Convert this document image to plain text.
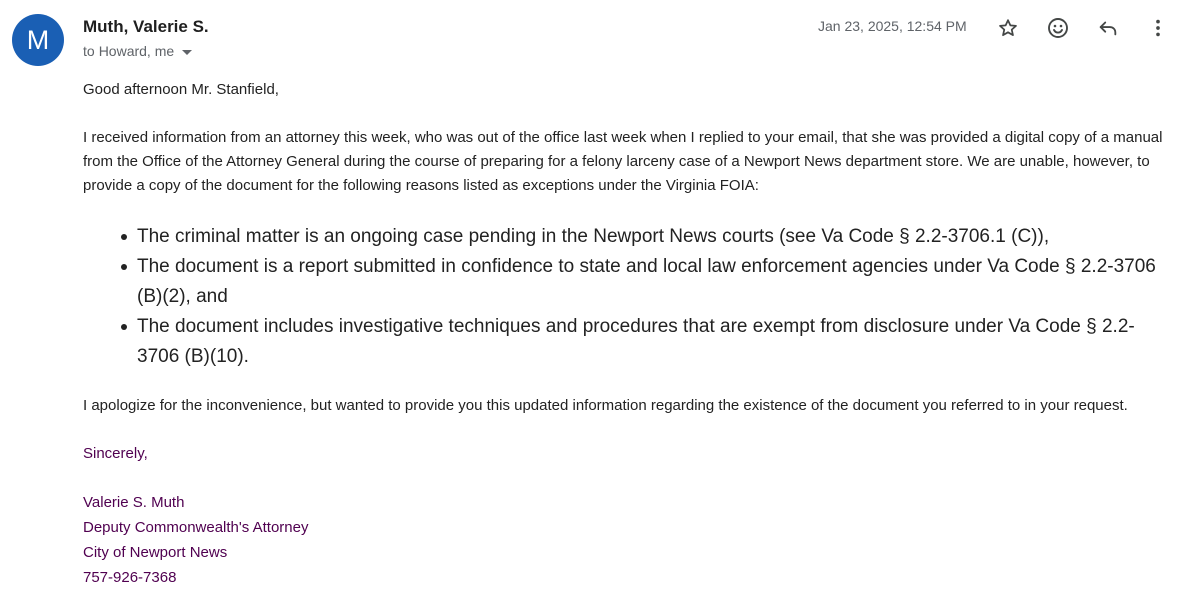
M Muth, Valerie S.
to Howard, me
Jan 23, 2025, 12:54 PM

Good afternoon Mr. Stanfield,

I received information from an attorney this week, who was out of the office last week when I replied to your email, that she was provided a digital copy of a manual from the Office of the Attorney General during the course of preparing for a felony larceny case of a Newport News department store. We are unable, however, to provide a copy of the document for the following reasons listed as exceptions under the Virginia FOIA:

The criminal matter is an ongoing case pending in the Newport News courts (see Va Code § 2.2-3706.1 (C)),
The document is a report submitted in confidence to state and local law enforcement agencies under Va Code § 2.2-3706 (B)(2), and
The document includes investigative techniques and procedures that are exempt from disclosure under Va Code § 2.2-3706 (B)(10).

I apologize for the inconvenience, but wanted to provide you this updated information regarding the existence of the document you referred to in your request.

Sincerely,

Valerie S. Muth
Deputy Commonwealth's Attorney
City of Newport News
757-926-7368
